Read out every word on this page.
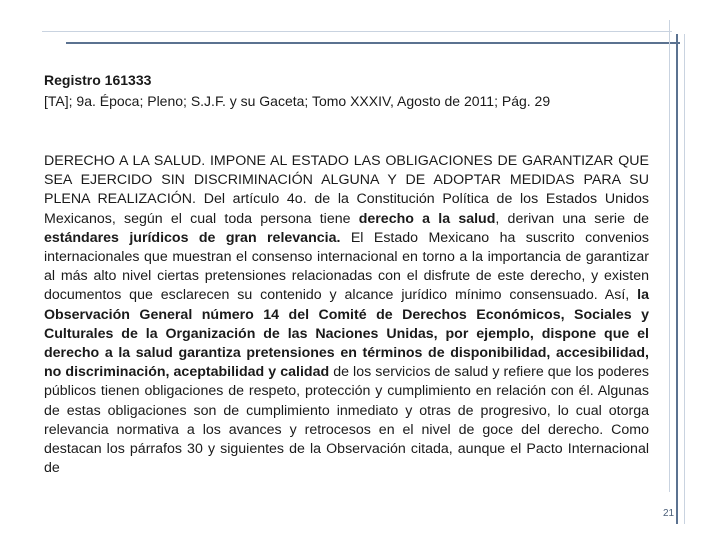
Registro 161333
[TA]; 9a. Época; Pleno; S.J.F. y su Gaceta; Tomo XXXIV, Agosto de 2011; Pág. 29
DERECHO A LA SALUD. IMPONE AL ESTADO LAS OBLIGACIONES DE GARANTIZAR QUE SEA EJERCIDO SIN DISCRIMINACIÓN ALGUNA Y DE ADOPTAR MEDIDAS PARA SU PLENA REALIZACIÓN. Del artículo 4o. de la Constitución Política de los Estados Unidos Mexicanos, según el cual toda persona tiene derecho a la salud, derivan una serie de estándares jurídicos de gran relevancia. El Estado Mexicano ha suscrito convenios internacionales que muestran el consenso internacional en torno a la importancia de garantizar al más alto nivel ciertas pretensiones relacionadas con el disfrute de este derecho, y existen documentos que esclarecen su contenido y alcance jurídico mínimo consensuado. Así, la Observación General número 14 del Comité de Derechos Económicos, Sociales y Culturales de la Organización de las Naciones Unidas, por ejemplo, dispone que el derecho a la salud garantiza pretensiones en términos de disponibilidad, accesibilidad, no discriminación, aceptabilidad y calidad de los servicios de salud y refiere que los poderes públicos tienen obligaciones de respeto, protección y cumplimiento en relación con él. Algunas de estas obligaciones son de cumplimiento inmediato y otras de progresivo, lo cual otorga relevancia normativa a los avances y retrocesos en el nivel de goce del derecho. Como destacan los párrafos 30 y siguientes de la Observación citada, aunque el Pacto Internacional de
21
